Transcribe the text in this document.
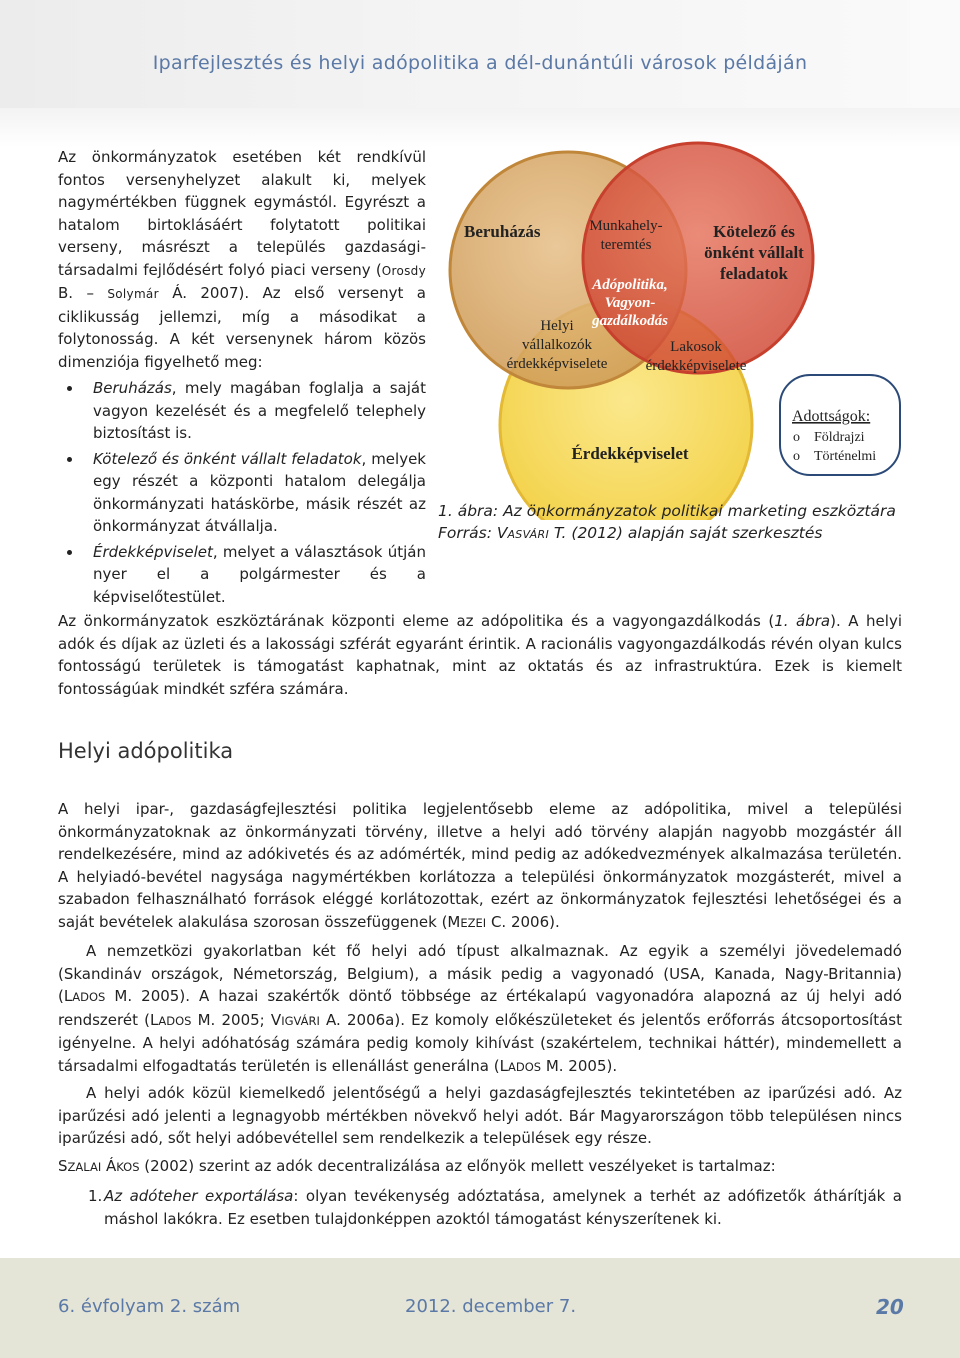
Iparfejlesztés és helyi adópolitika a dél-dunántúli városok példáján
Az önkormányzatok esetében két rendkívül fontos versenyhelyzet alakult ki, melyek nagymértékben függnek egymástól. Egyrészt a hatalom birtoklásáért folytatott politikai verseny, másrészt a település gazdasági-társadalmi fejlődésért folyó piaci verseny (Orosdy B. – Solymár Á. 2007). Az első versenyt a ciklikusság jellemzi, míg a másodikat a folytonosság. A két versenynek három közös dimenziója figyelhető meg:
Beruházás, mely magában foglalja a saját vagyon kezelését és a megfelelő telephely biztosítást is.
Kötelező és önként vállalt feladatok, melyek egy részét a központi hatalom delegálja önkormányzati hatáskörbe, másik részét az önkormányzat átvállalja.
Érdekképviselet, melyet a választások útján nyer el a polgármester és a képviselőtestület.
Beruházás	Munkahely-
teremtés
Kötelező és
önként vállalt
feladatok
Adópolitika,
Vagyon-
gazdálkodás
Helyi
vállalkozók
érdekképviselete
Lakosok
érdekképviselete
Érdekképviselet
Adottságok:
o Földrajzi
o Történelmi
1. ábra: Az önkormányzatok politikai marketing eszköztára
Forrás: VASVÁRI T. (2012) alapján saját szerkesztés
Az önkormányzatok eszköztárának központi eleme az adópolitika és a vagyongazdálkodás (1. ábra). A helyi adók és díjak az üzleti és a lakossági szférát egyaránt érintik. A racionális vagyongazdálkodás révén olyan kulcs fontosságú területek is támogatást kaphatnak, mint az oktatás és az infrastruktúra. Ezek is kiemelt fontosságúak mindkét szféra számára.
Helyi adópolitika
A helyi ipar-, gazdaságfejlesztési politika legjelentősebb eleme az adópolitika, mivel a települési önkormányzatoknak az önkormányzati törvény, illetve a helyi adó törvény alapján nagyobb mozgástér áll rendelkezésére, mind az adókivetés és az adómérték, mind pedig az adókedvezmények alkalmazása területén. A helyiadó-bevétel nagysága nagymértékben korlátozza a települési önkormányzatok mozgásterét, mivel a szabadon felhasználható források eléggé korlátozottak, ezért az önkormányzatok fejlesztési lehetőségei és a saját bevételek alakulása szorosan összefüggenek (MEZEI C. 2006).
A nemzetközi gyakorlatban két fő helyi adó típust alkalmaznak. Az egyik a személyi jövedelemadó (Skandináv országok, Németország, Belgium), a másik pedig a vagyonadó (USA, Kanada, Nagy-Britannia) (LADOS M. 2005). A hazai szakértők döntő többsége az értékalapú vagyonadóra alapozná az új helyi adó rendszerét (LADOS M. 2005; VIGVÁRI A. 2006a). Ez komoly előkészületeket és jelentős erőforrás átcsoportosítást igényelne. A helyi adóhatóság számára pedig komoly kihívást (szakértelem, technikai háttér), mindemellett a társadalmi elfogadtatás területén is ellenállást generálna (LADOS M. 2005).
A helyi adók közül kiemelkedő jelentőségű a helyi gazdaságfejlesztés tekintetében az iparűzési adó. Az iparűzési adó jelenti a legnagyobb mértékben növekvő helyi adót. Bár Magyarországon több településen nincs iparűzési adó, sőt helyi adóbevétellel sem rendelkezik a települések egy része.
SZALAI ÁKOS (2002) szerint az adók decentralizálása az előnyök mellett veszélyeket is tartalmaz:
1. Az adóteher exportálása: olyan tevékenység adóztatása, amelynek a terhét az adófizetők áthárítják a máshol lakókra. Ez esetben tulajdonképpen azoktól támogatást kényszerítenek ki.
6. évfolyam 2. szám	2012. december 7.	20
